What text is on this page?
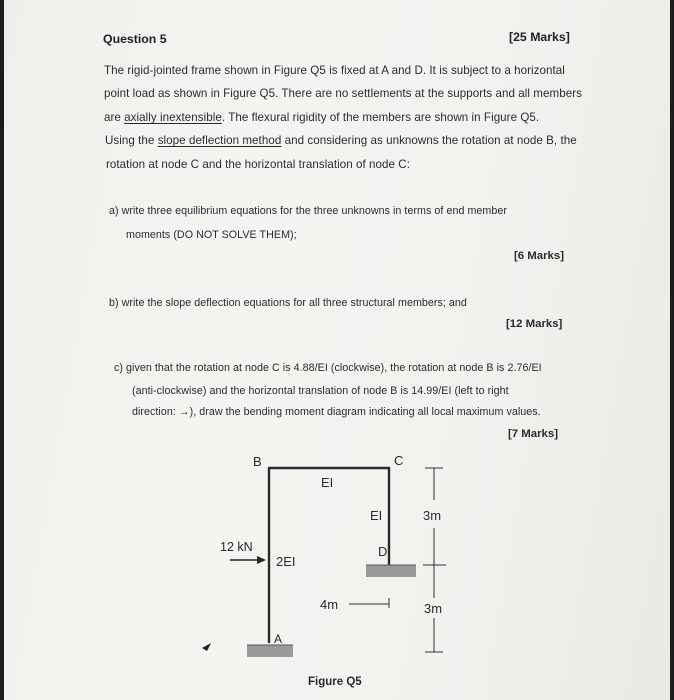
Question 5	[25 Marks]
The rigid-jointed frame shown in Figure Q5 is fixed at A and D. It is subject to a horizontal
point load as shown in Figure Q5. There are no settlements at the supports and all members
are axially inextensible. The flexural rigidity of the members are shown in Figure Q5.
Using the slope deflection method and considering as unknowns the rotation at node B, the
rotation at node C and the horizontal translation of node C:
a) write three equilibrium equations for the three unknowns in terms of end member
moments (DO NOT SOLVE THEM);
[6 Marks]
b) write the slope deflection equations for all three structural members; and
[12 Marks]
c) given that the rotation at node C is 4.88/EI (clockwise), the rotation at node B is 2.76/EI
(anti-clockwise) and the horizontal translation of node B is 14.99/EI (left to right
direction: →), draw the bending moment diagram indicating all local maximum values.
[7 Marks]
B	C
D
A
EI
EI
2EI
12 kN
4m
3m
3m
Figure Q5
